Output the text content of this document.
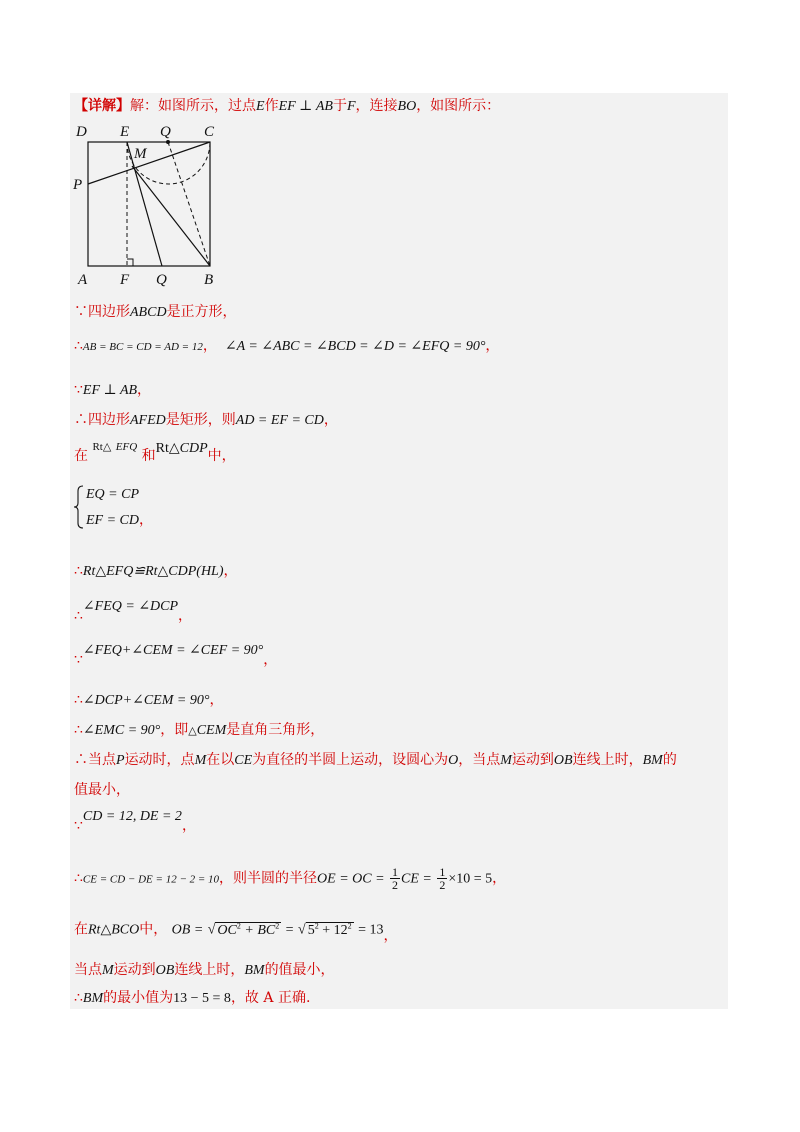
【详解】解：如图所示，过点E作EF ⊥ AB于F，连接BO，如图所示：
D E Q C
M
P
A F Q B
∵四边形ABCD是正方形，
∴AB = BC = CD = AD = 12， ∠A = ∠ABC = ∠BCD = ∠D = ∠EFQ = 90°，
∵EF ⊥ AB，
∴四边形AFED是矩形，则AD = EF = CD，
在 Rt△ EFQ 和Rt△CDP中，
EQ = CP
EF = CD，
∴Rt△EFQ≌Rt△CDP(HL)，
∴∠FEQ = ∠DCP，
∵∠FEQ+∠CEM = ∠CEF = 90°，
∴∠DCP+∠CEM = 90°，
∴∠EMC = 90°，即△CEM是直角三角形，
∴当点P运动时，点M在以CE为直径的半圆上运动，设圆心为O，当点M运动到OB连线上时，BM的
值最小，
∵CD = 12, DE = 2，
∴CE = CD − DE = 12 − 2 = 10，则半圆的半径OE = OC = $\frac{1}{2}$ CE = $\frac{1}{2} \times 10 = 5$，
在Rt△BCO中， OB = √ $OC^2 + BC^2$ = √ $5^2 + 12^2 = 13$，
当点M运动到OB连线上时，BM的值最小，
∴BM的最小值为13 − 5 = 8，故 A 正确.
